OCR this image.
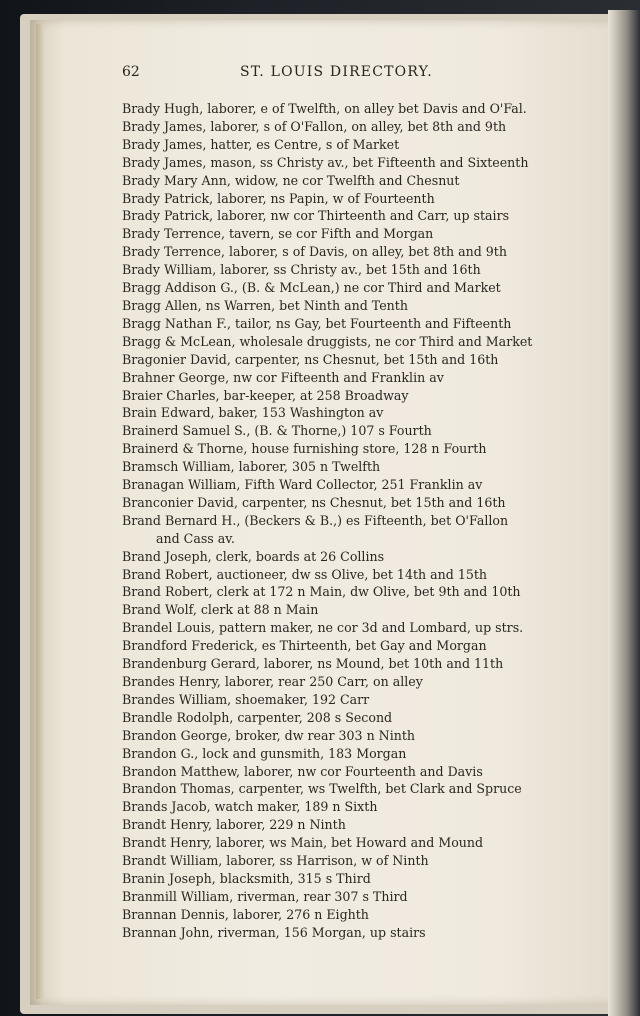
62	ST. LOUIS DIRECTORY.
Brady Hugh, laborer, e of Twelfth, on alley bet Davis and O'Fal.
Brady James, laborer, s of O'Fallon, on alley, bet 8th and 9th
Brady James, hatter, es Centre, s of Market
Brady James, mason, ss Christy av., bet Fifteenth and Sixteenth
Brady Mary Ann, widow, ne cor Twelfth and Chesnut
Brady Patrick, laborer, ns Papin, w of Fourteenth
Brady Patrick, laborer, nw cor Thirteenth and Carr, up stairs
Brady Terrence, tavern, se cor Fifth and Morgan
Brady Terrence, laborer, s of Davis, on alley, bet 8th and 9th
Brady William, laborer, ss Christy av., bet 15th and 16th
Bragg Addison G., (B. & McLean,) ne cor Third and Market
Bragg Allen, ns Warren, bet Ninth and Tenth
Bragg Nathan F., tailor, ns Gay, bet Fourteenth and Fifteenth
Bragg & McLean, wholesale druggists, ne cor Third and Market
Bragonier David, carpenter, ns Chesnut, bet 15th and 16th
Brahner George, nw cor Fifteenth and Franklin av
Braier Charles, bar-keeper, at 258 Broadway
Brain Edward, baker, 153 Washington av
Brainerd Samuel S., (B. & Thorne,) 107 s Fourth
Brainerd & Thorne, house furnishing store, 128 n Fourth
Bramsch William, laborer, 305 n Twelfth
Branagan William, Fifth Ward Collector, 251 Franklin av
Branconier David, carpenter, ns Chesnut, bet 15th and 16th
Brand Bernard H., (Beckers & B.,) es Fifteenth, bet O'Fallon
and Cass av.
Brand Joseph, clerk, boards at 26 Collins
Brand Robert, auctioneer, dw ss Olive, bet 14th and 15th
Brand Robert, clerk at 172 n Main, dw Olive, bet 9th and 10th
Brand Wolf, clerk at 88 n Main
Brandel Louis, pattern maker, ne cor 3d and Lombard, up strs.
Brandford Frederick, es Thirteenth, bet Gay and Morgan
Brandenburg Gerard, laborer, ns Mound, bet 10th and 11th
Brandes Henry, laborer, rear 250 Carr, on alley
Brandes William, shoemaker, 192 Carr
Brandle Rodolph, carpenter, 208 s Second
Brandon George, broker, dw rear 303 n Ninth
Brandon G., lock and gunsmith, 183 Morgan
Brandon Matthew, laborer, nw cor Fourteenth and Davis
Brandon Thomas, carpenter, ws Twelfth, bet Clark and Spruce
Brands Jacob, watch maker, 189 n Sixth
Brandt Henry, laborer, 229 n Ninth
Brandt Henry, laborer, ws Main, bet Howard and Mound
Brandt William, laborer, ss Harrison, w of Ninth
Branin Joseph, blacksmith, 315 s Third
Branmill William, riverman, rear 307 s Third
Brannan Dennis, laborer, 276 n Eighth
Brannan John, riverman, 156 Morgan, up stairs
